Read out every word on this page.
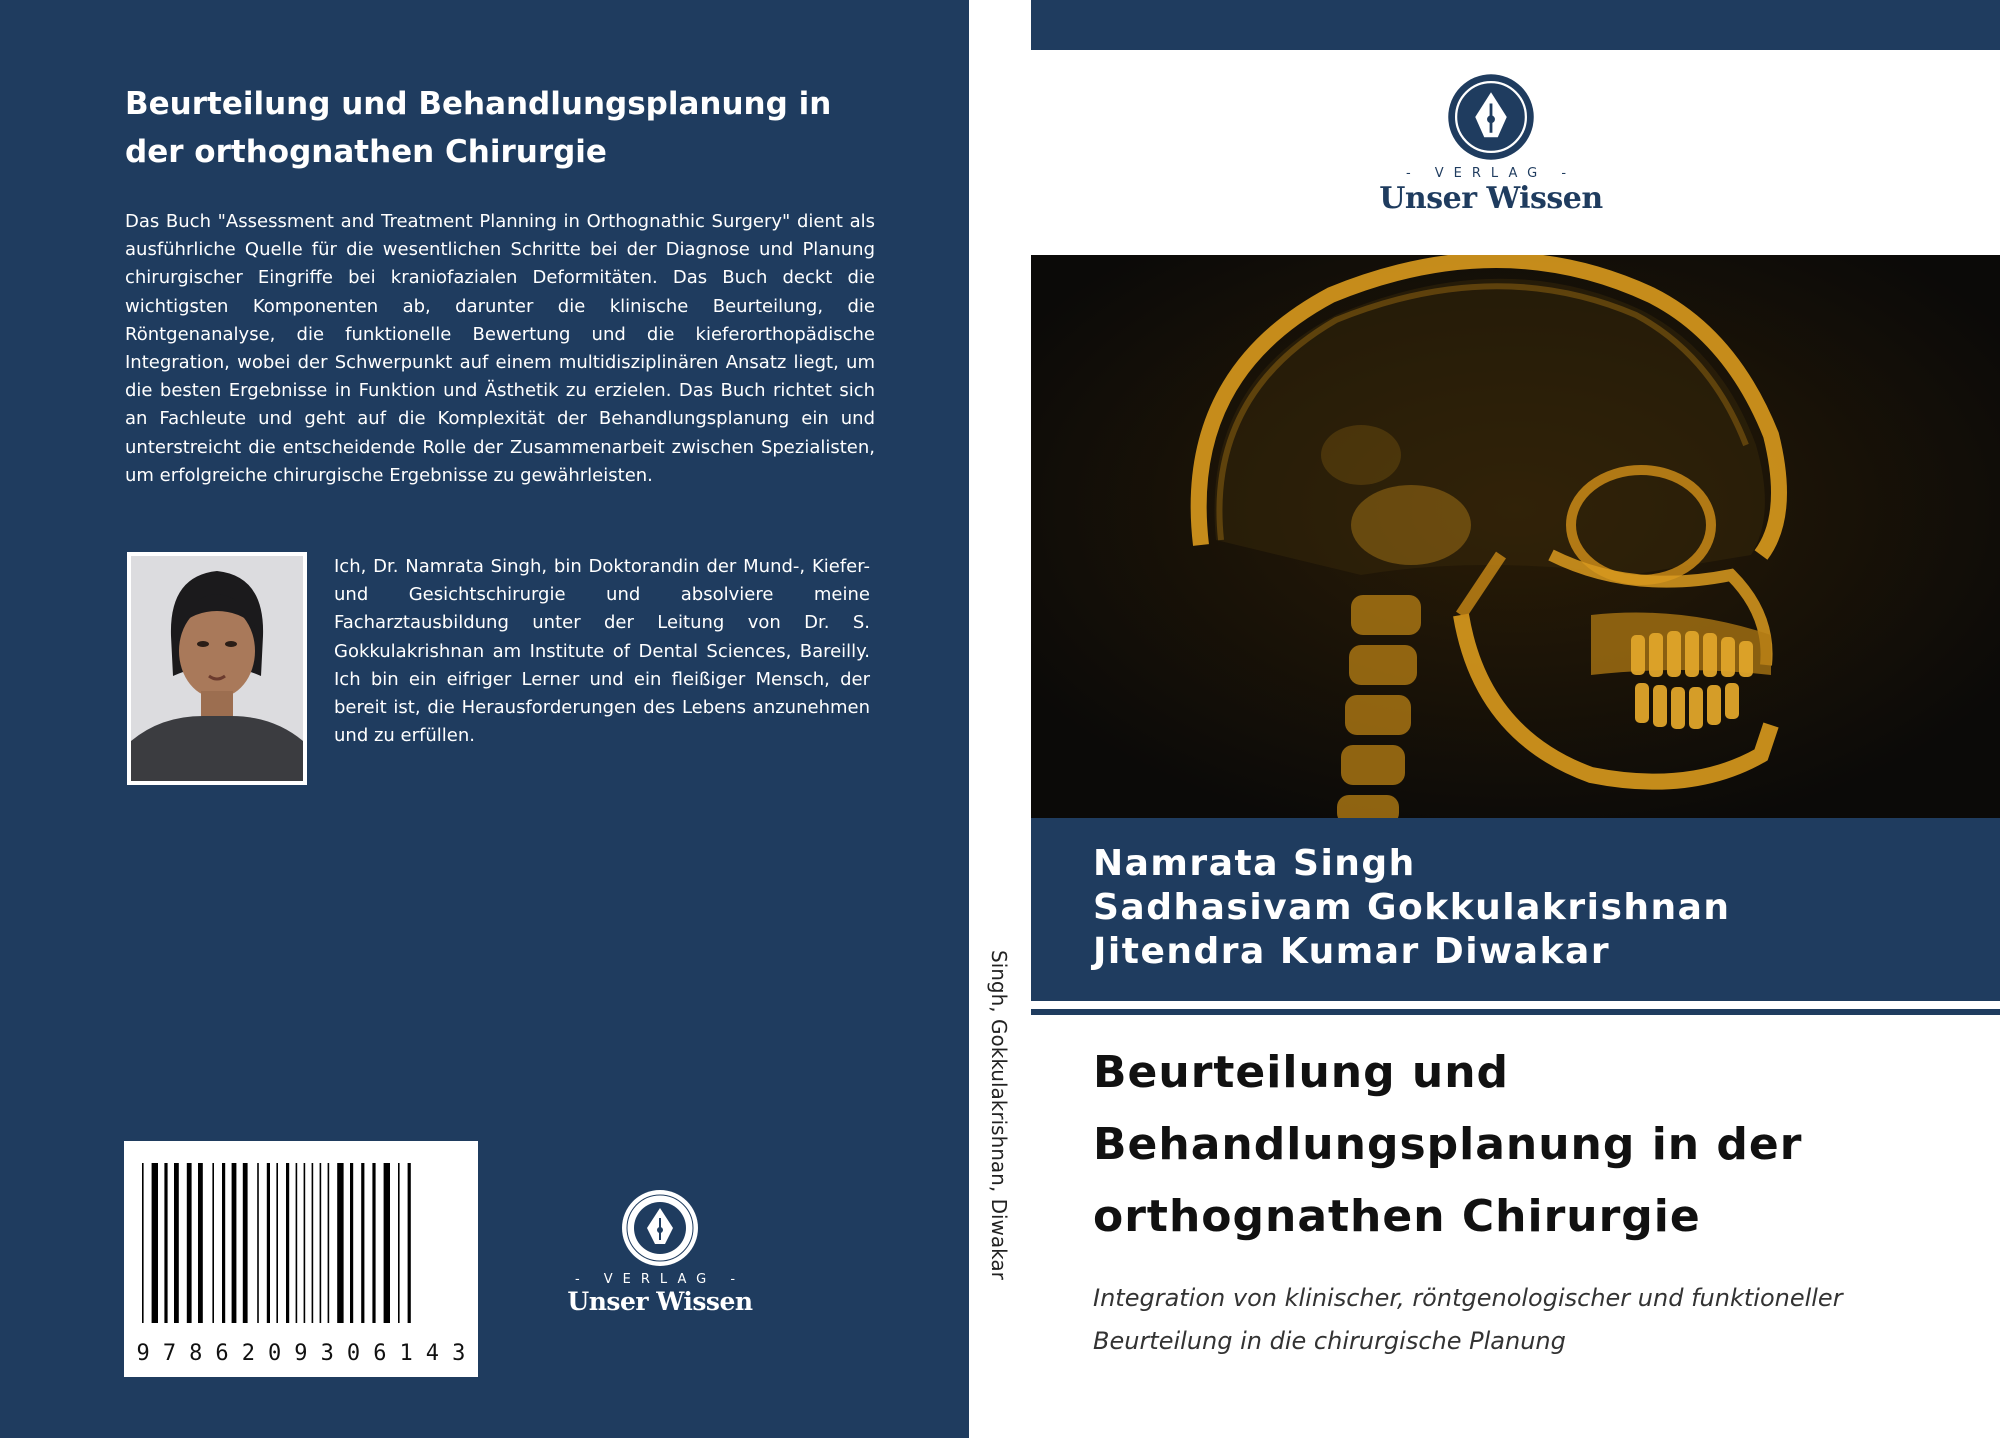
Beurteilung und Behandlungsplanung in der orthognathen Chirurgie

Das Buch "Assessment and Treatment Planning in Orthognathic Surgery" dient als ausführliche Quelle für die wesentlichen Schritte bei der Diagnose und Planung chirurgischer Eingriffe bei kraniofazialen Deformitäten. Das Buch deckt die wichtigsten Komponenten ab, darunter die klinische Beurteilung, die Röntgenanalyse, die funktionelle Bewertung und die kieferorthopädische Integration, wobei der Schwerpunkt auf einem multidisziplinären Ansatz liegt, um die besten Ergebnisse in Funktion und Ästhetik zu erzielen. Das Buch richtet sich an Fachleute und geht auf die Komplexität der Behandlungsplanung ein und unterstreicht die entscheidende Rolle der Zusammenarbeit zwischen Spezialisten, um erfolgreiche chirurgische Ergebnisse zu gewährleisten.

Ich, Dr. Namrata Singh, bin Doktorandin der Mund-, Kiefer- und Gesichtschirurgie und absolviere meine Facharztausbildung unter der Leitung von Dr. S. Gokkulakrishnan am Institute of Dental Sciences, Bareilly. Ich bin ein eifriger Lerner und ein fleißiger Mensch, der bereit ist, die Herausforderungen des Lebens anzunehmen und zu erfüllen.

9 7 8 6 2 0 9 3 0 6 1 4 3
- VERLAG -
Unser Wissen
Singh, Gokkulakrishnan, Diwakar
- VERLAG -
Unser Wissen
Namrata Singh
Sadhasivam Gokkulakrishnan
Jitendra Kumar Diwakar
Beurteilung und Behandlungsplanung in der orthognathen Chirurgie

Integration von klinischer, röntgenologischer und funktioneller Beurteilung in die chirurgische Planung
